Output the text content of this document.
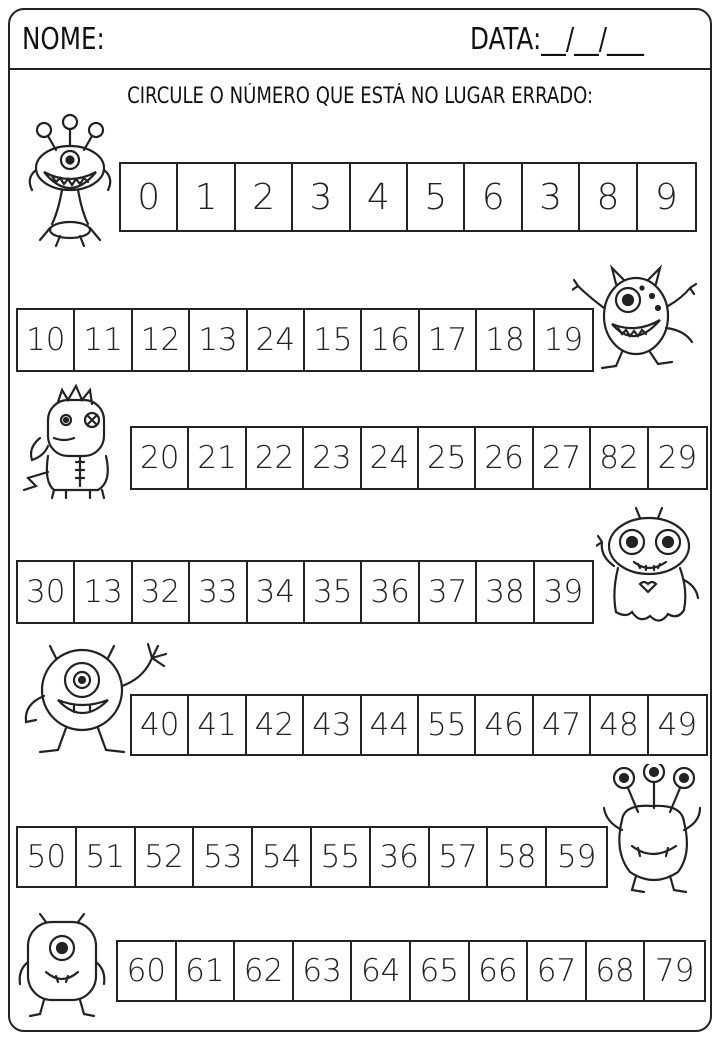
NOME:	DATA:__/__/___
CIRCULE O NÚMERO QUE ESTÁ NO LUGAR ERRADO:
0 1 2 3 4 5 6 3 8 9
10 11 12 13 24 15 16 17 18 19
20 21 22 23 24 25 26 27 82 29
30 13 32 33 34 35 36 37 38 39
40 41 42 43 44 55 46 47 48 49
50 51 52 53 54 55 36 57 58 59
60 61 62 63 64 65 66 67 68 79
